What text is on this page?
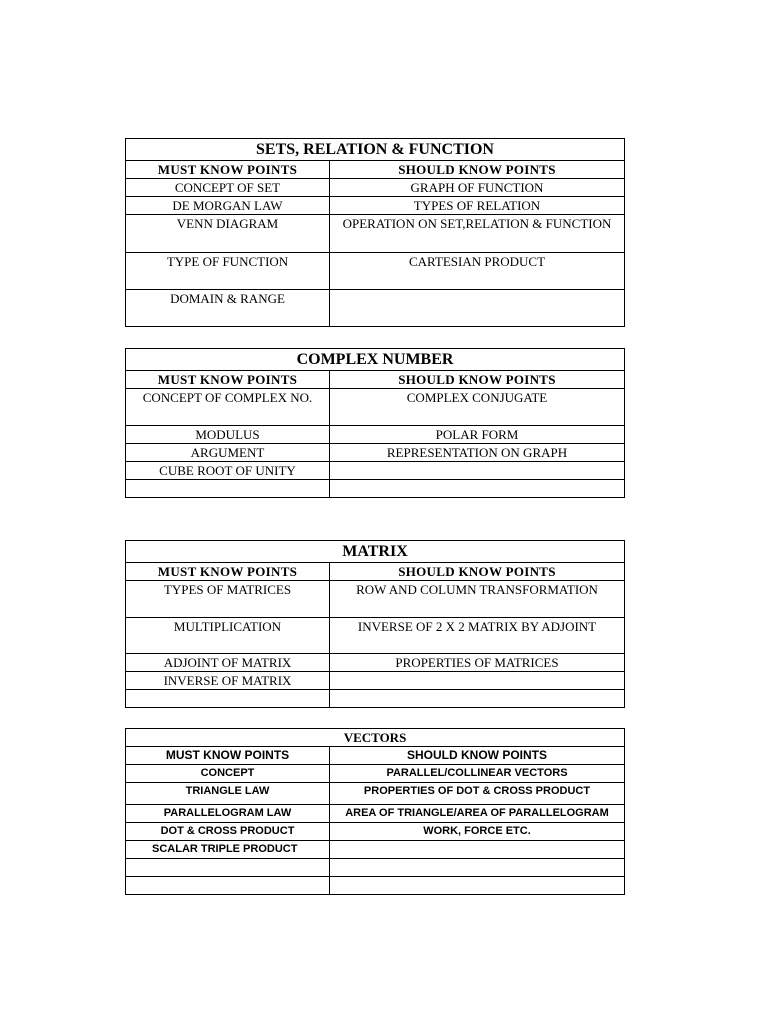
SETS, RELATION & FUNCTION	
MUST KNOW POINTS	SHOULD KNOW POINTS
CONCEPT OF SET	GRAPH OF FUNCTION
DE MORGAN LAW	TYPES OF RELATION
VENN DIAGRAM	OPERATION ON SET,RELATION & FUNCTION
TYPE OF FUNCTION	CARTESIAN PRODUCT
DOMAIN & RANGE	
COMPLEX NUMBER	
MUST KNOW POINTS	SHOULD KNOW POINTS
CONCEPT OF COMPLEX NO.	COMPLEX CONJUGATE
MODULUS	POLAR FORM
ARGUMENT	REPRESENTATION ON GRAPH
CUBE ROOT OF UNITY	

MATRIX	
MUST KNOW POINTS	SHOULD KNOW POINTS
TYPES OF MATRICES	ROW AND COLUMN TRANSFORMATION
MULTIPLICATION	INVERSE OF 2 X 2 MATRIX BY ADJOINT
ADJOINT OF MATRIX	PROPERTIES OF MATRICES
INVERSE OF MATRIX	

VECTORS	
MUST KNOW POINTS	SHOULD KNOW POINTS
CONCEPT	PARALLEL/COLLINEAR VECTORS
TRIANGLE LAW	PROPERTIES OF DOT & CROSS PRODUCT
PARALLELOGRAM LAW	AREA OF TRIANGLE/AREA OF PARALLELOGRAM
DOT & CROSS PRODUCT	WORK, FORCE ETC.
SCALAR TRIPLE PRODUCT	
